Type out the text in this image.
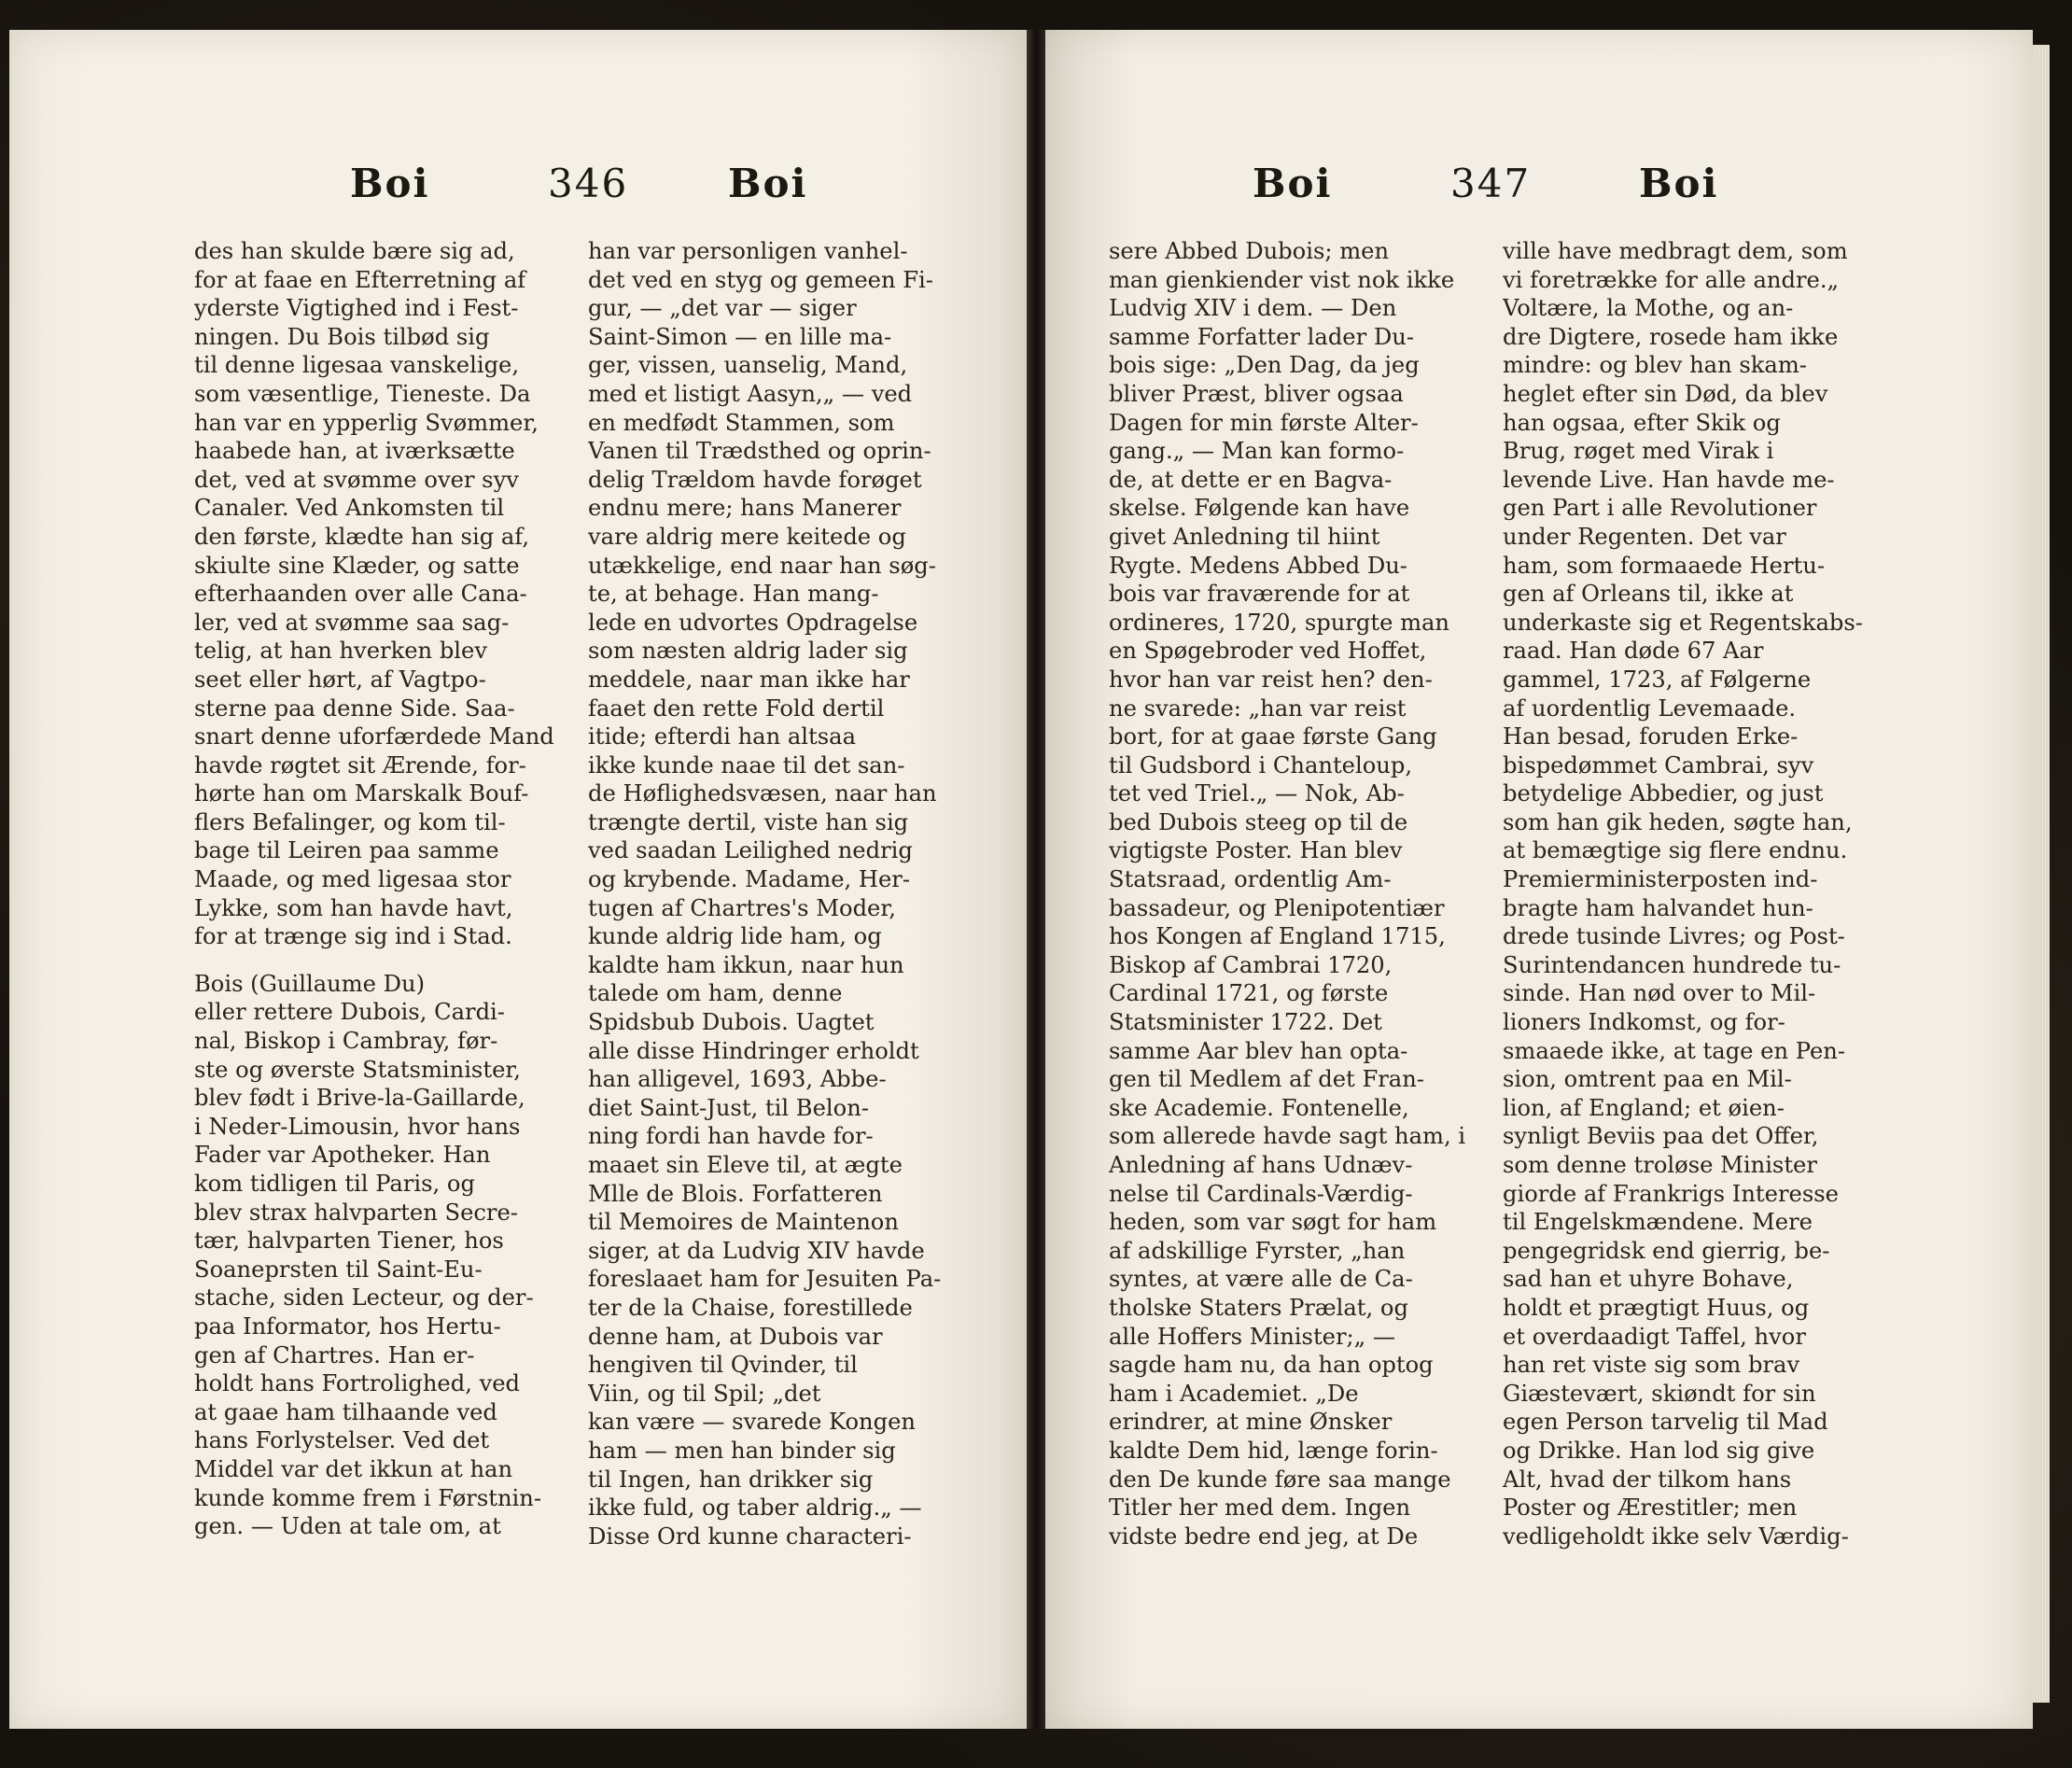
Boi	346	Boi

des han skulde bære sig ad,

for at faae en Efterretning af

yderste Vigtighed ind i Fest-

ningen. Du Bois tilbød sig

til denne ligesaa vanskelige,

som væsentlige, Tieneste. Da

han var en ypperlig Svømmer,

haabede han, at iværksætte

det, ved at svømme over syv

Canaler. Ved Ankomsten til

den første, klædte han sig af,

skiulte sine Klæder, og satte

efterhaanden over alle Cana-

ler, ved at svømme saa sag-

telig, at han hverken blev

seet eller hørt, af Vagtpo-

sterne paa denne Side. Saa-

snart denne uforfærdede Mand

havde røgtet sit Ærende, for-

hørte han om Marskalk Bouf-

flers Befalinger, og kom til-

bage til Leiren paa samme

Maade, og med ligesaa stor

Lykke, som han havde havt,

for at trænge sig ind i Stad.

Bois (Guillaume Du)

eller rettere Dubois, Cardi-

nal, Biskop i Cambray, før-

ste og øverste Statsminister,

blev født i Brive-la-Gaillarde,

i Neder-Limousin, hvor hans

Fader var Apotheker. Han

kom tidligen til Paris, og

blev strax halvparten Secre-

tær, halvparten Tiener, hos

Soaneprsten til Saint-Eu-

stache, siden Lecteur, og der-

paa Informator, hos Hertu-

gen af Chartres. Han er-

holdt hans Fortrolighed, ved

at gaae ham tilhaande ved

hans Forlystelser. Ved det

Middel var det ikkun at han

kunde komme frem i Førstnin-

gen. — Uden at tale om, at

han var personligen vanhel-

det ved en styg og gemeen Fi-

gur, — „det var — siger

Saint-Simon — en lille ma-

ger, vissen, uanselig, Mand,

med et listigt Aasyn,„ — ved

en medfødt Stammen, som

Vanen til Trædsthed og oprin-

delig Trældom havde forøget

endnu mere; hans Manerer

vare aldrig mere keitede og

utækkelige, end naar han søg-

te, at behage. Han mang-

lede en udvortes Opdragelse

som næsten aldrig lader sig

meddele, naar man ikke har

faaet den rette Fold dertil

itide; efterdi han altsaa

ikke kunde naae til det san-

de Høflighedsvæsen, naar han

trængte dertil, viste han sig

ved saadan Leilighed nedrig

og krybende. Madame, Her-

tugen af Chartres's Moder,

kunde aldrig lide ham, og

kaldte ham ikkun, naar hun

talede om ham, denne

Spidsbub Dubois. Uagtet

alle disse Hindringer erholdt

han alligevel, 1693, Abbe-

diet Saint-Just, til Belon-

ning fordi han havde for-

maaet sin Eleve til, at ægte

Mlle de Blois. Forfatteren

til Memoires de Maintenon

siger, at da Ludvig XIV havde

foreslaaet ham for Jesuiten Pa-

ter de la Chaise, forestillede

denne ham, at Dubois var

hengiven til Qvinder, til

Viin, og til Spil; „det

kan være — svarede Kongen

ham — men han binder sig

til Ingen, han drikker sig

ikke fuld, og taber aldrig.„ —

Disse Ord kunne characteri-

Boi	347	Boi

sere Abbed Dubois; men

man gienkiender vist nok ikke

Ludvig XIV i dem. — Den

samme Forfatter lader Du-

bois sige: „Den Dag, da jeg

bliver Præst, bliver ogsaa

Dagen for min første Alter-

gang.„ — Man kan formo-

de, at dette er en Bagva-

skelse. Følgende kan have

givet Anledning til hiint

Rygte. Medens Abbed Du-

bois var fraværende for at

ordineres, 1720, spurgte man

en Spøgebroder ved Hoffet,

hvor han var reist hen? den-

ne svarede: „han var reist

bort, for at gaae første Gang

til Gudsbord i Chanteloup,

tet ved Triel.„ — Nok, Ab-

bed Dubois steeg op til de

vigtigste Poster. Han blev

Statsraad, ordentlig Am-

bassadeur, og Plenipotentiær

hos Kongen af England 1715,

Biskop af Cambrai 1720,

Cardinal 1721, og første

Statsminister 1722. Det

samme Aar blev han opta-

gen til Medlem af det Fran-

ske Academie. Fontenelle,

som allerede havde sagt ham, i

Anledning af hans Udnæv-

nelse til Cardinals-Værdig-

heden, som var søgt for ham

af adskillige Fyrster, „han

syntes, at være alle de Ca-

tholske Staters Prælat, og

alle Hoffers Minister;„ —

sagde ham nu, da han optog

ham i Academiet. „De

erindrer, at mine Ønsker

kaldte Dem hid, længe forin-

den De kunde føre saa mange

Titler her med dem. Ingen

vidste bedre end jeg, at De

ville have medbragt dem, som

vi foretrække for alle andre.„

Voltære, la Mothe, og an-

dre Digtere, rosede ham ikke

mindre: og blev han skam-

heglet efter sin Død, da blev

han ogsaa, efter Skik og

Brug, røget med Virak i

levende Live. Han havde me-

gen Part i alle Revolutioner

under Regenten. Det var

ham, som formaaede Hertu-

gen af Orleans til, ikke at

underkaste sig et Regentskabs-

raad. Han døde 67 Aar

gammel, 1723, af Følgerne

af uordentlig Levemaade.

Han besad, foruden Erke-

bispedømmet Cambrai, syv

betydelige Abbedier, og just

som han gik heden, søgte han,

at bemægtige sig flere endnu.

Premierministerposten ind-

bragte ham halvandet hun-

drede tusinde Livres; og Post-

Surintendancen hundrede tu-

sinde. Han nød over to Mil-

lioners Indkomst, og for-

smaaede ikke, at tage en Pen-

sion, omtrent paa en Mil-

lion, af England; et øien-

synligt Beviis paa det Offer,

som denne troløse Minister

giorde af Frankrigs Interesse

til Engelskmændene. Mere

pengegridsk end gierrig, be-

sad han et uhyre Bohave,

holdt et prægtigt Huus, og

et overdaadigt Taffel, hvor

han ret viste sig som brav

Giæstevært, skiøndt for sin

egen Person tarvelig til Mad

og Drikke. Han lod sig give

Alt, hvad der tilkom hans

Poster og Ærestitler; men

vedligeholdt ikke selv Værdig-
